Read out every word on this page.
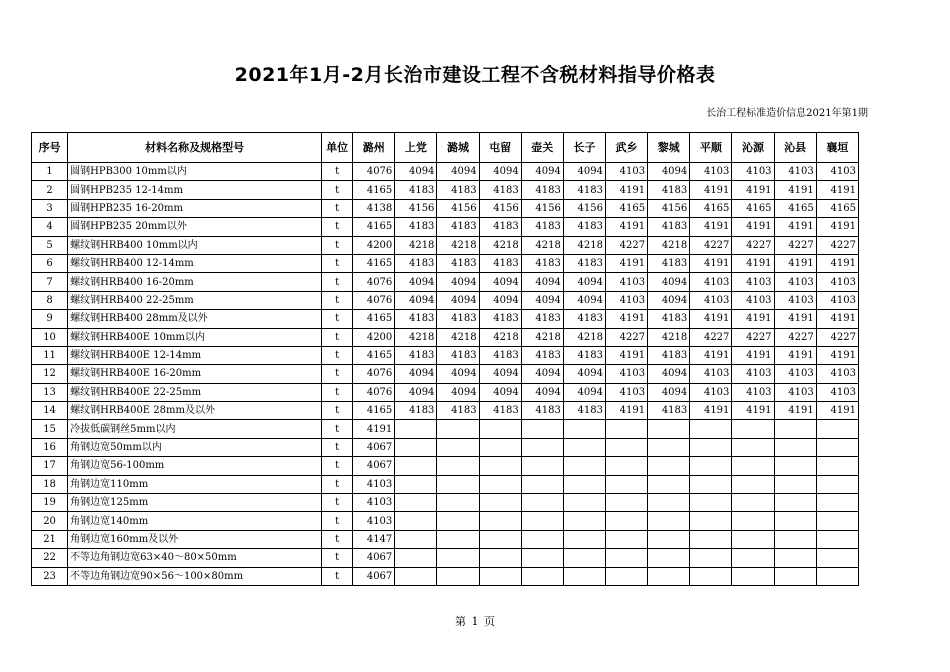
2021年1月-2月长治市建设工程不含税材料指导价格表
长治工程标准造价信息2021年第1期
序号	材料名称及规格型号	单位	潞州	上党	潞城	屯留	壶关	长子	武乡	黎城	平顺	沁源	沁县	襄垣
1	圆钢HPB300 10mm以内	t	4076	4094	4094	4094	4094	4094	4103	4094	4103	4103	4103	4103
2	圆钢HPB235 12-14mm	t	4165	4183	4183	4183	4183	4183	4191	4183	4191	4191	4191	4191
3	圆钢HPB235 16-20mm	t	4138	4156	4156	4156	4156	4156	4165	4156	4165	4165	4165	4165
4	圆钢HPB235 20mm以外	t	4165	4183	4183	4183	4183	4183	4191	4183	4191	4191	4191	4191
5	螺纹钢HRB400 10mm以内	t	4200	4218	4218	4218	4218	4218	4227	4218	4227	4227	4227	4227
6	螺纹钢HRB400 12-14mm	t	4165	4183	4183	4183	4183	4183	4191	4183	4191	4191	4191	4191
7	螺纹钢HRB400 16-20mm	t	4076	4094	4094	4094	4094	4094	4103	4094	4103	4103	4103	4103
8	螺纹钢HRB400 22-25mm	t	4076	4094	4094	4094	4094	4094	4103	4094	4103	4103	4103	4103
9	螺纹钢HRB400 28mm及以外	t	4165	4183	4183	4183	4183	4183	4191	4183	4191	4191	4191	4191
10	螺纹钢HRB400E 10mm以内	t	4200	4218	4218	4218	4218	4218	4227	4218	4227	4227	4227	4227
11	螺纹钢HRB400E 12-14mm	t	4165	4183	4183	4183	4183	4183	4191	4183	4191	4191	4191	4191
12	螺纹钢HRB400E 16-20mm	t	4076	4094	4094	4094	4094	4094	4103	4094	4103	4103	4103	4103
13	螺纹钢HRB400E 22-25mm	t	4076	4094	4094	4094	4094	4094	4103	4094	4103	4103	4103	4103
14	螺纹钢HRB400E 28mm及以外	t	4165	4183	4183	4183	4183	4183	4191	4183	4191	4191	4191	4191
15	冷拔低碳钢丝5mm以内	t	4191											
16	角钢边宽50mm以内	t	4067											
17	角钢边宽56-100mm	t	4067											
18	角钢边宽110mm	t	4103											
19	角钢边宽125mm	t	4103											
20	角钢边宽140mm	t	4103											
21	角钢边宽160mm及以外	t	4147											
22	不等边角钢边宽63×40～80×50mm	t	4067											
23	不等边角钢边宽90×56～100×80mm	t	4067											
第 1 页
